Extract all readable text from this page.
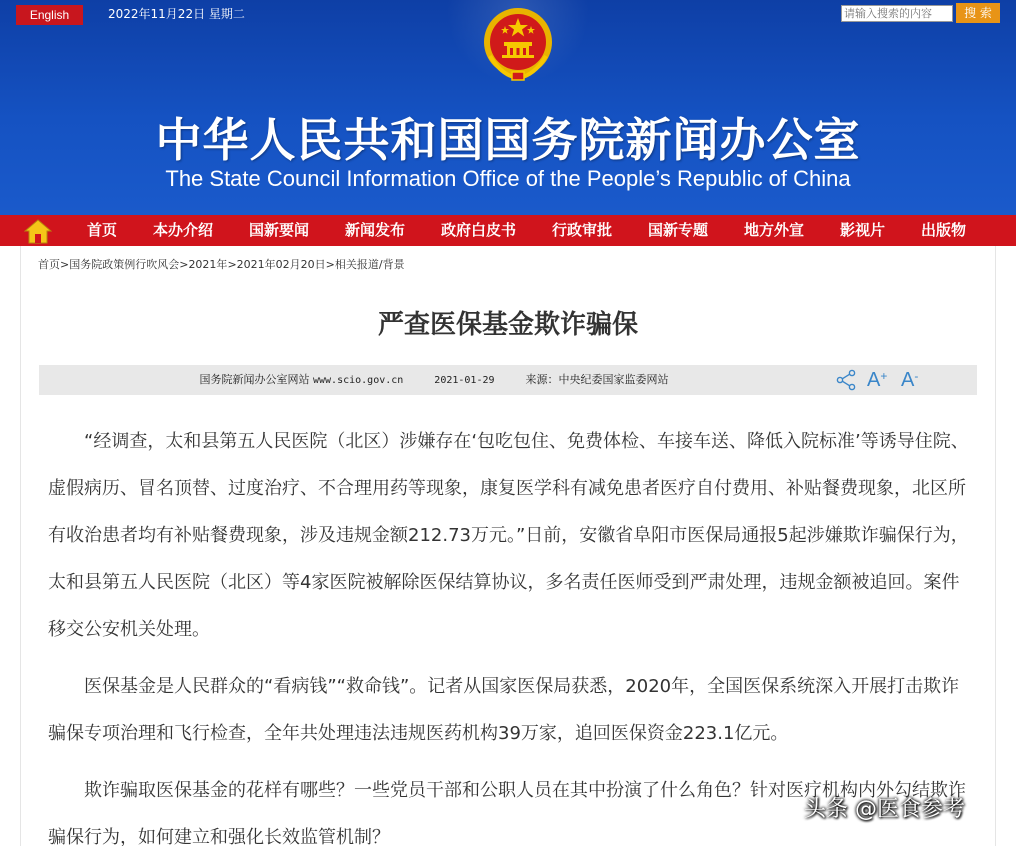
English	2022年11月22日 星期二
请输入搜索的内容	搜 索
中华人民共和国国务院新闻办公室
The State Council Information Office of the People’s Republic of China
首页 本办介绍 国新要闻 新闻发布 政府白皮书 行政审批 国新专题 地方外宣 影视片 出版物
首页>国务院政策例行吹风会>2021年>2021年02月20日>相关报道/背景
严查医保基金欺诈骗保
国务院新闻办公室网站 www.scio.gov.cn	2021-01-29	来源：中央纪委国家监委网站	A+ A-

“经调查，太和县第五人民医院（北区）涉嫌存在‘包吃包住、免费体检、车接车送、降低入院标准’等诱导住院、虚假病历、冒名顶替、过度治疗、不合理用药等现象，康复医学科有减免患者医疗自付费用、补贴餐费现象，北区所有收治患者均有补贴餐费现象，涉及违规金额212.73万元。”日前，安徽省阜阳市医保局通报5起涉嫌欺诈骗保行为，太和县第五人民医院（北区）等4家医院被解除医保结算协议，多名责任医师受到严肃处理，违规金额被追回。案件移交公安机关处理。

医保基金是人民群众的“看病钱”“救命钱”。记者从国家医保局获悉，2020年，全国医保系统深入开展打击欺诈骗保专项治理和飞行检查，全年共处理违法违规医药机构39万家，追回医保资金223.1亿元。

欺诈骗取医保基金的花样有哪些？一些党员干部和公职人员在其中扮演了什么角色？针对医疗机构内外勾结欺诈骗保行为，如何建立和强化长效监管机制？

头条 @医食参考
